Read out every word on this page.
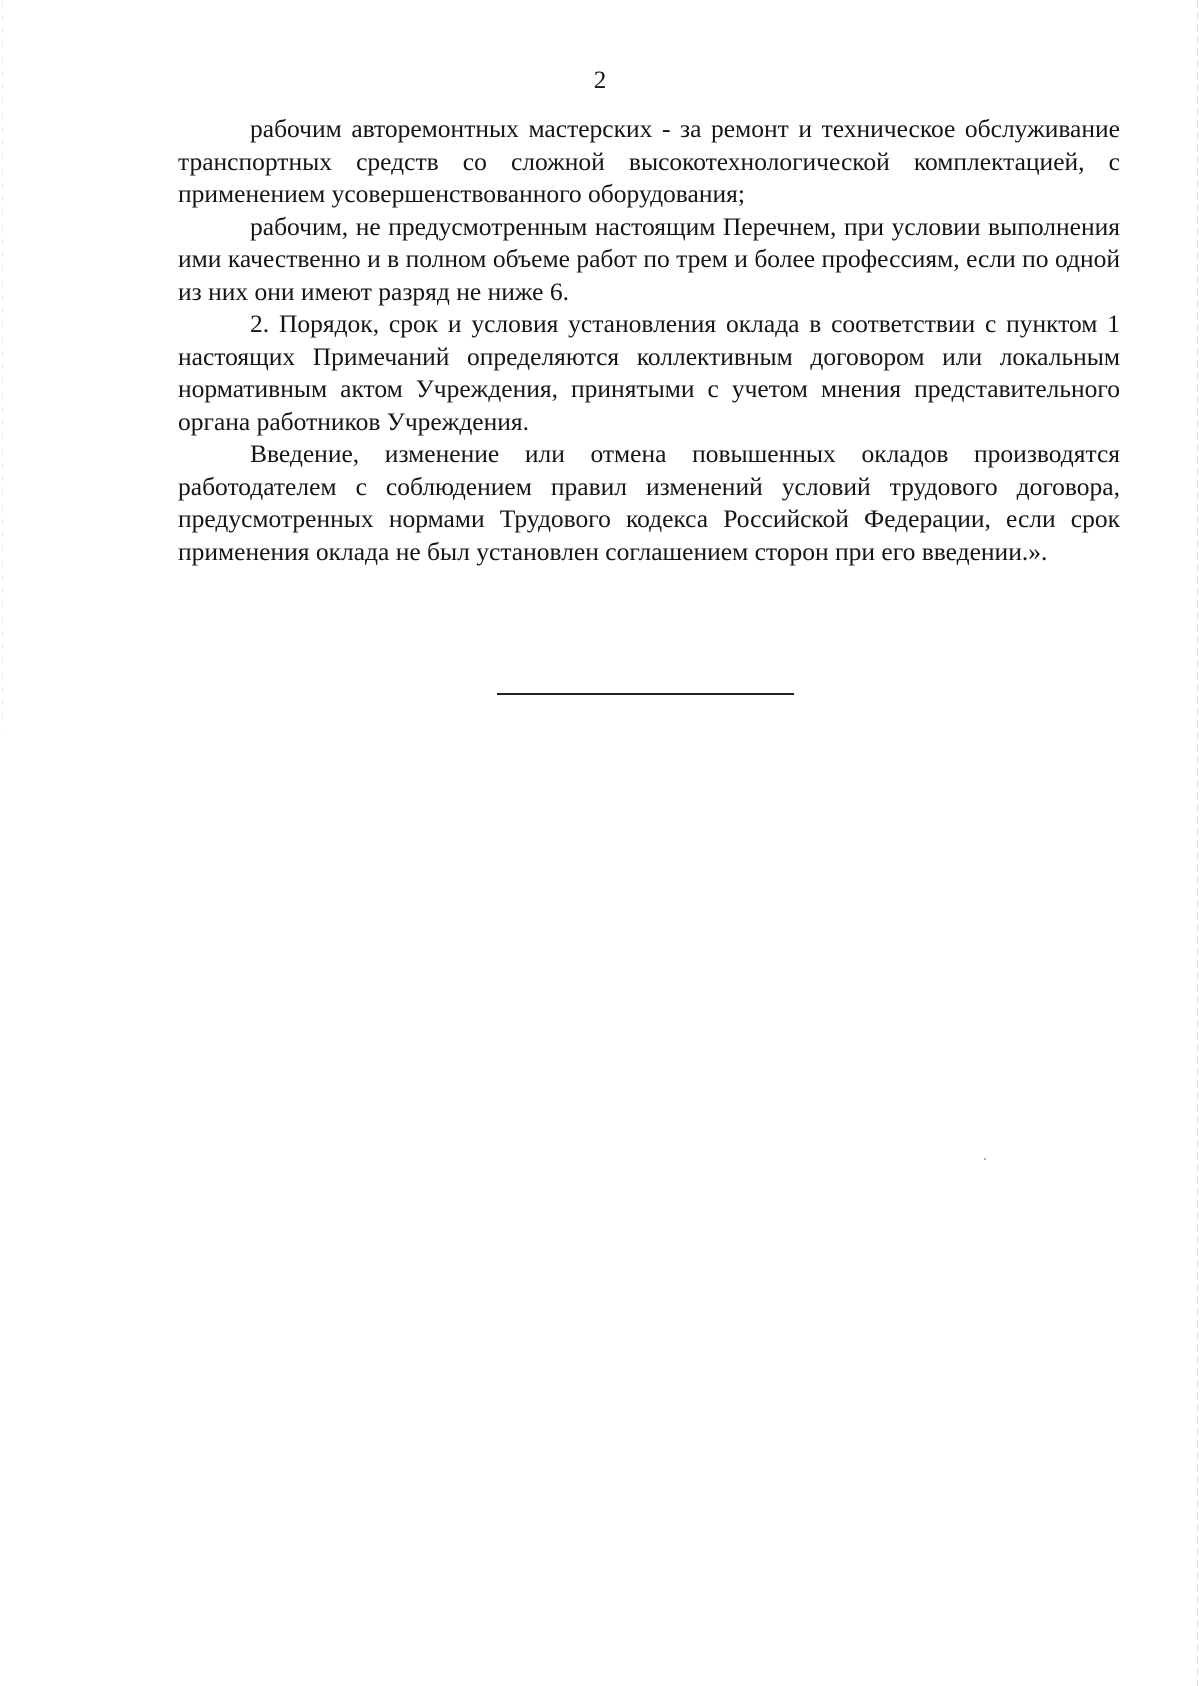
2

рабочим авторемонтных мастерских - за ремонт и техническое обслуживание транспортных средств со сложной высокотехнологической комплектацией, с применением усовершенствованного оборудования;

рабочим, не предусмотренным настоящим Перечнем, при условии выполнения ими качественно и в полном объеме работ по трем и более профессиям, если по одной из них они имеют разряд не ниже 6.

2. Порядок, срок и условия установления оклада в соответствии с пунктом 1 настоящих Примечаний определяются коллективным договором или локальным нормативным актом Учреждения, принятыми с учетом мнения представительного органа работников Учреждения.

Введение, изменение или отмена повышенных окладов производятся работодателем с соблюдением правил изменений условий трудового договора, предусмотренных нормами Трудового кодекса Российской Федерации, если срок применения оклада не был установлен соглашением сторон при его введении.».
